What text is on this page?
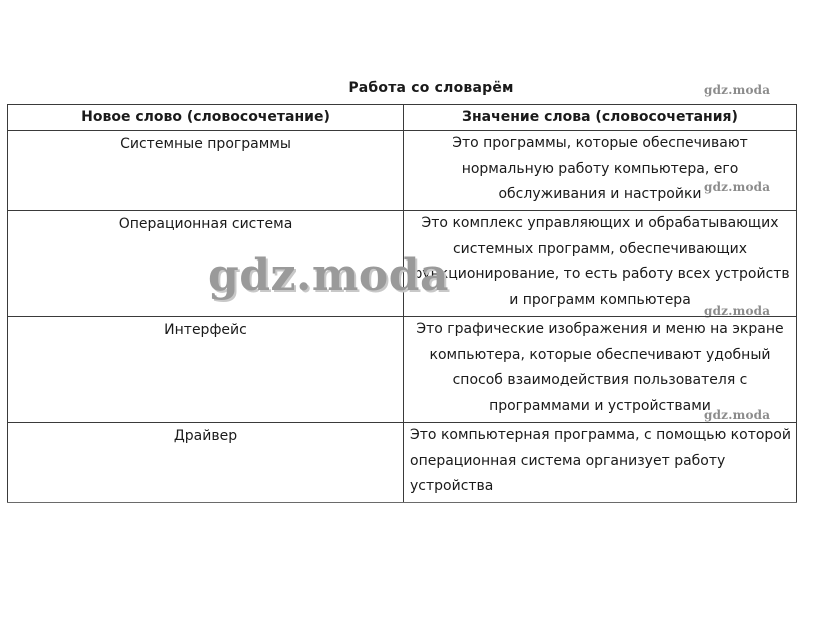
Работа со словарём	gdz.moda
gdz.moda
gdz.moda
gdz.moda
Новое слово (словосочетание)	Значение слова (словосочетания)
Системные программы	Это программы, которые обеспечивают нормальную работу компьютера, его обслуживания и настройки
Операционная система	Это комплекс управляющих и обрабатывающих системных программ, обеспечивающих функционирование, то есть работу всех устройств и программ компьютера
Интерфейс	Это графические изображения и меню на экране компьютера, которые обеспечивают удобный способ взаимодействия пользователя с программами и устройствами
Драйвер	Это компьютерная программа, с помощью которой операционная система организует работу устройства
gdz.moda
